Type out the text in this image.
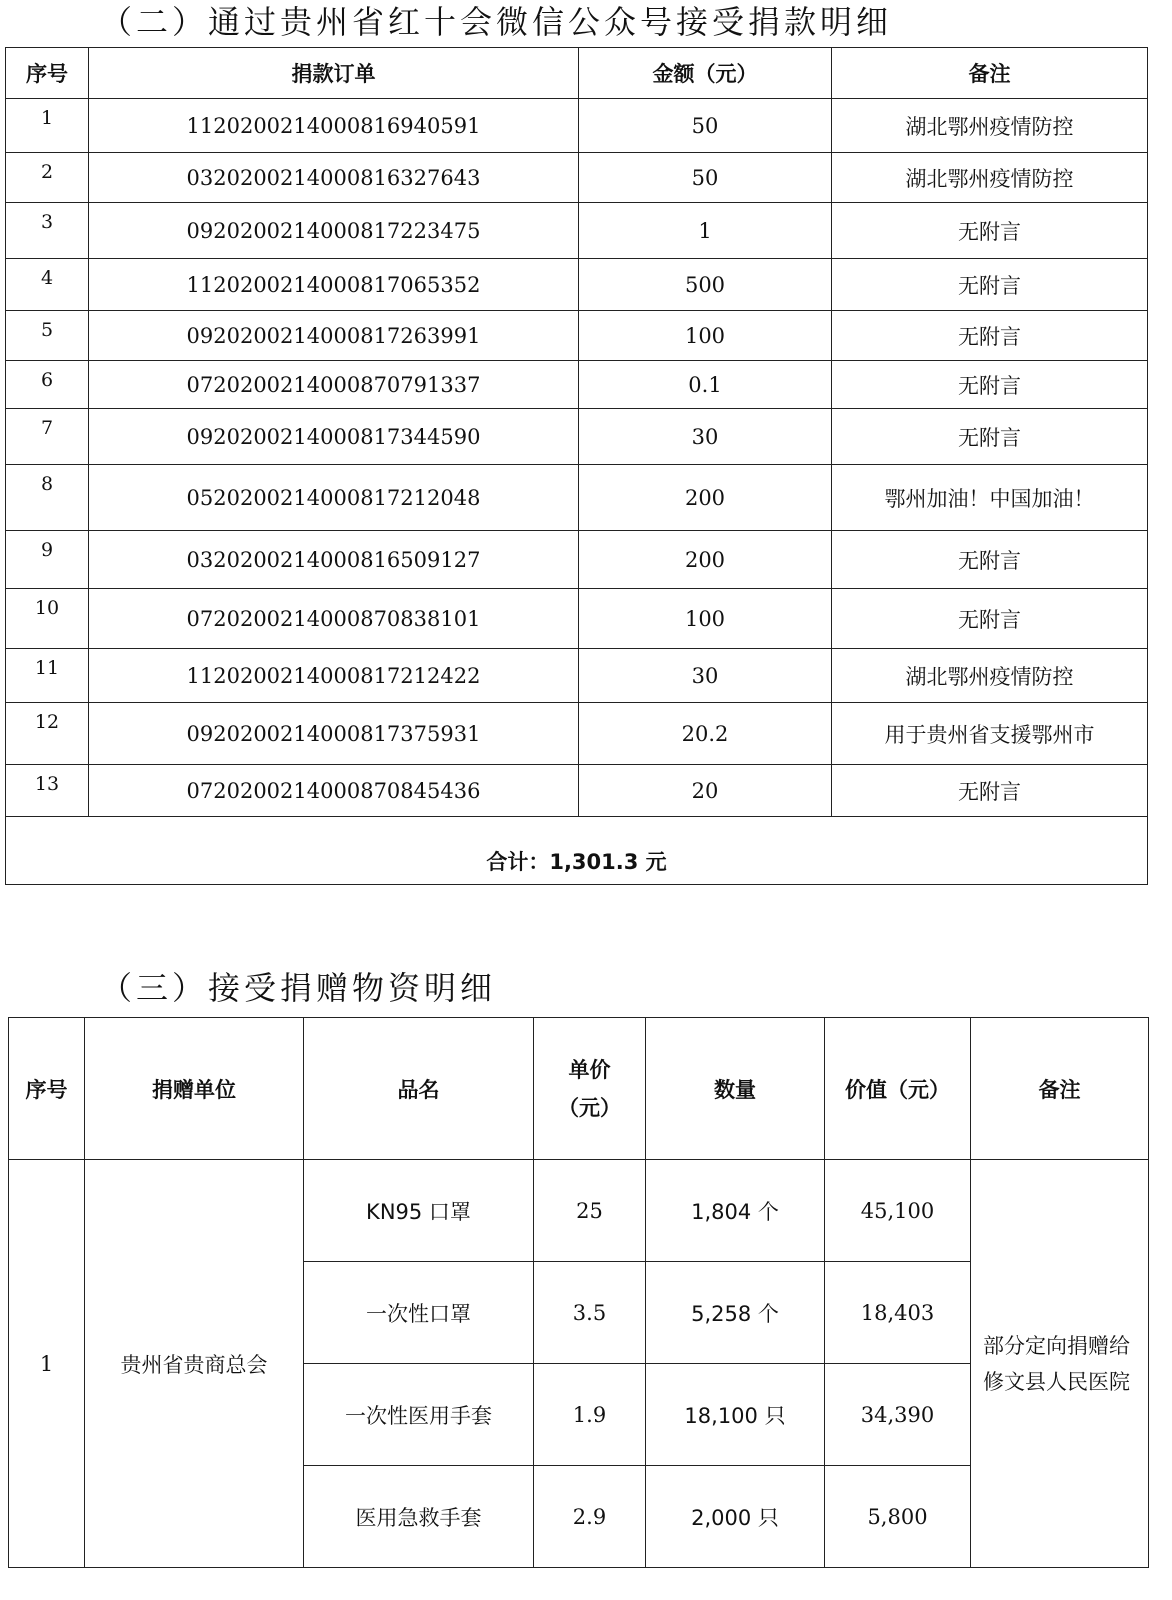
（二）通过贵州省红十会微信公众号接受捐款明细
序号	捐款订单	金额（元）	备注
1	1120200214000816940591	50	湖北鄂州疫情防控
2	0320200214000816327643	50	湖北鄂州疫情防控
3	0920200214000817223475	1	无附言
4	1120200214000817065352	500	无附言
5	0920200214000817263991	100	无附言
6	0720200214000870791337	0.1	无附言
7	0920200214000817344590	30	无附言
8	0520200214000817212048	200	鄂州加油！中国加油！
9	0320200214000816509127	200	无附言
10	0720200214000870838101	100	无附言
11	1120200214000817212422	30	湖北鄂州疫情防控
12	0920200214000817375931	20.2	用于贵州省支援鄂州市
13	0720200214000870845436	20	无附言
合计：1,301.3 元			
（三）接受捐赠物资明细
序号	捐赠单位	品名	单价
（元）	数量	价值（元）	备注
1	贵州省贵商总会	KN95 口罩	25	1,804 个	45,100	部分定向捐赠给修文县人民医院
		一次性口罩	3.5	5,258 个	18,403	
		一次性医用手套	1.9	18,100 只	34,390	
		医用急救手套	2.9	2,000 只	5,800	
